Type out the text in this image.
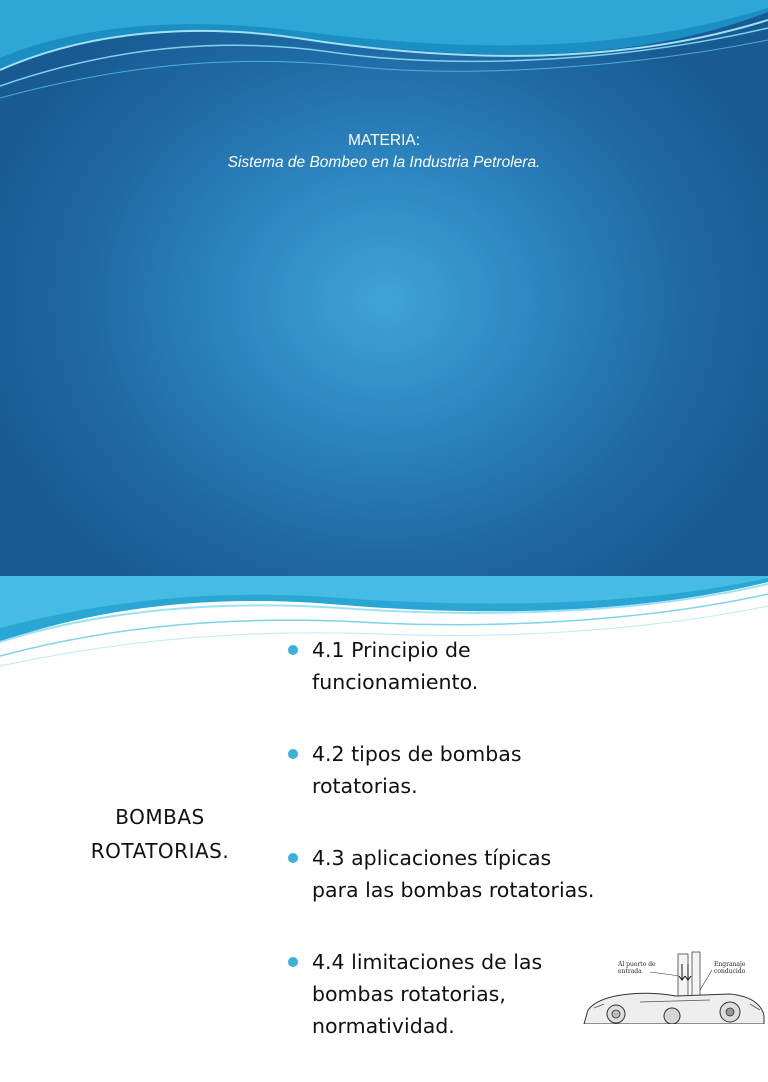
MATERIA:
Sistema de Bombeo en la Industria Petrolera.
BOMBAS
ROTATORIAS.
4.1 Principio de
funcionamiento.
4.2 tipos de bombas
rotatorias.
4.3 aplicaciones típicas
para las bombas rotatorias.
4.4 limitaciones de las
bombas rotatorias,
normatividad.
Al puerto de entrada
Engranaje conducido
